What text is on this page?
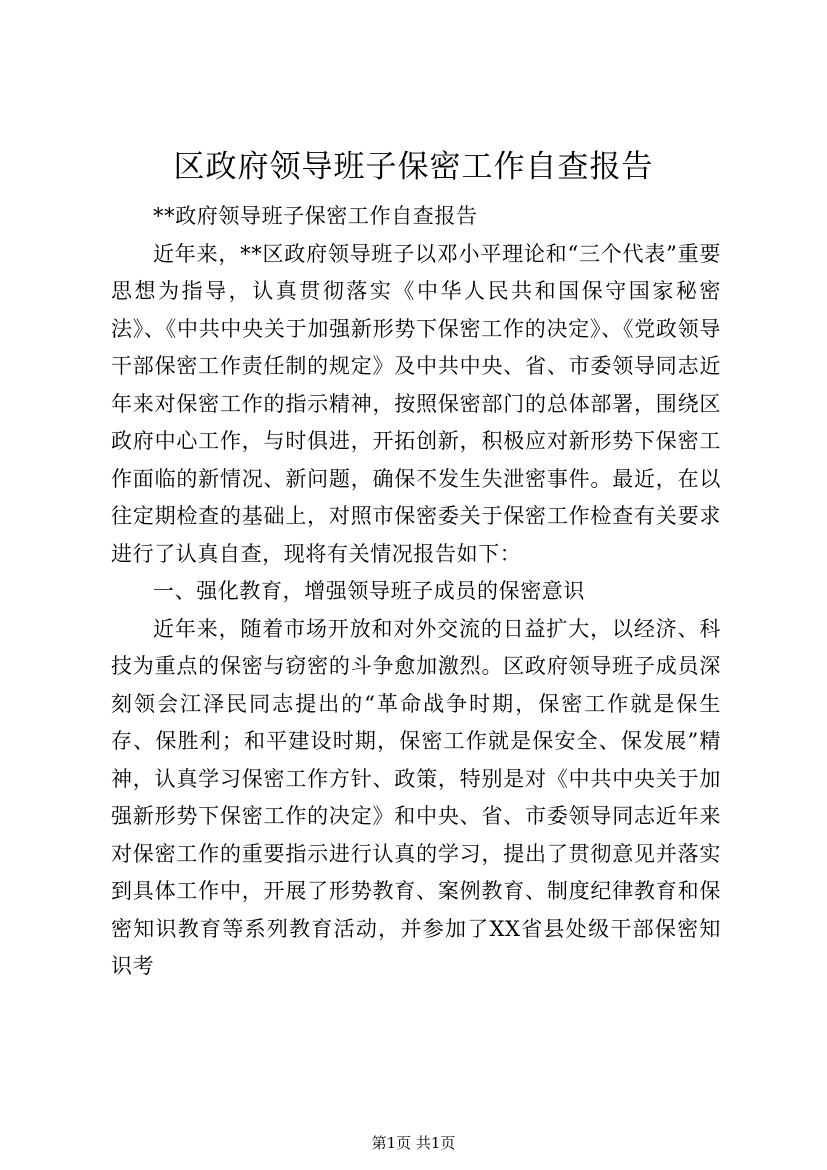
区政府领导班子保密工作自查报告

**政府领导班子保密工作自查报告

近年来，**区政府领导班子以邓小平理论和“三个代表”重要思想为指导，认真贯彻落实《中华人民共和国保守国家秘密法》、《中共中央关于加强新形势下保密工作的决定》、《党政领导干部保密工作责任制的规定》及中共中央、省、市委领导同志近年来对保密工作的指示精神，按照保密部门的总体部署，围绕区政府中心工作，与时俱进，开拓创新，积极应对新形势下保密工作面临的新情况、新问题，确保不发生失泄密事件。最近，在以往定期检查的基础上，对照市保密委关于保密工作检查有关要求进行了认真自查，现将有关情况报告如下：

一、强化教育，增强领导班子成员的保密意识

近年来，随着市场开放和对外交流的日益扩大，以经济、科技为重点的保密与窃密的斗争愈加激烈。区政府领导班子成员深刻领会江泽民同志提出的“革命战争时期，保密工作就是保生存、保胜利；和平建设时期，保密工作就是保安全、保发展”精神，认真学习保密工作方针、政策，特别是对《中共中央关于加强新形势下保密工作的决定》和中央、省、市委领导同志近年来对保密工作的重要指示进行认真的学习，提出了贯彻意见并落实到具体工作中，开展了形势教育、案例教育、制度纪律教育和保密知识教育等系列教育活动，并参加了XX省县处级干部保密知识考

第1页 共1页
